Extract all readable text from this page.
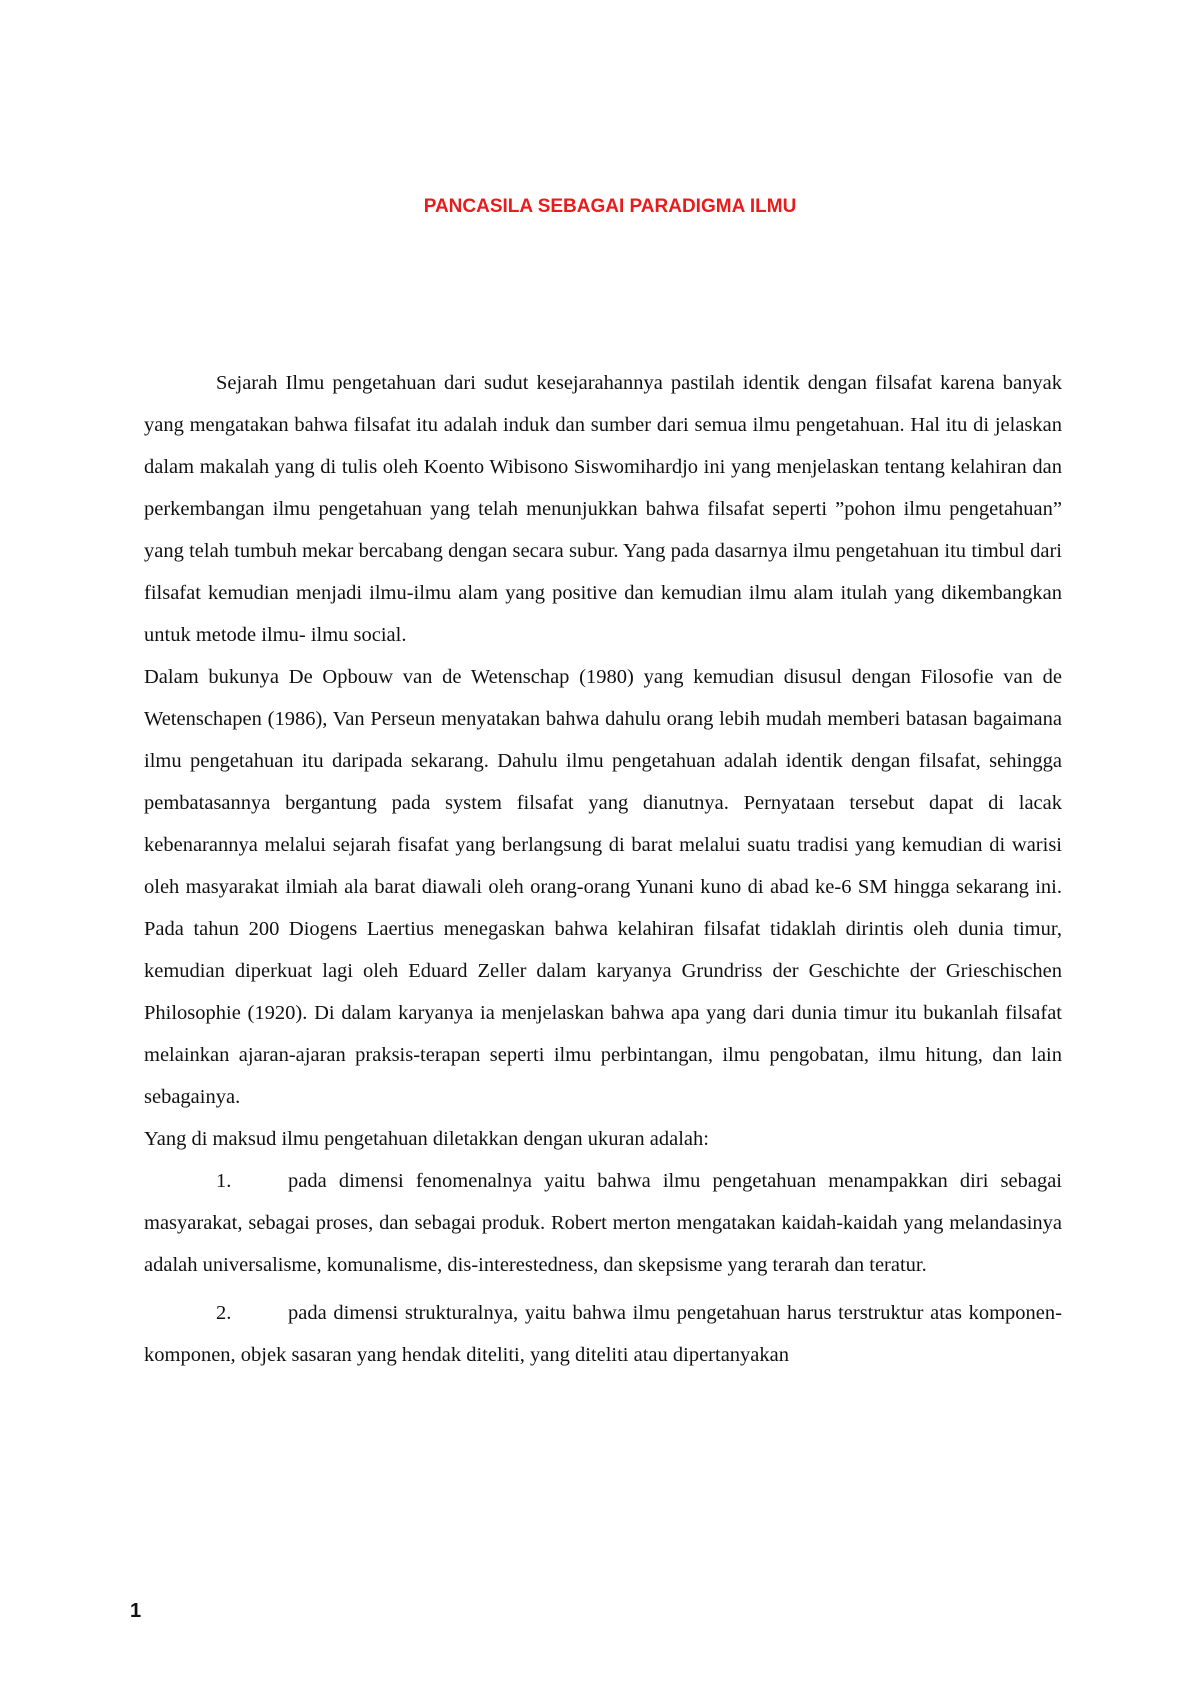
PANCASILA SEBAGAI PARADIGMA ILMU

Sejarah Ilmu pengetahuan dari sudut kesejarahannya pastilah identik dengan filsafat karena banyak yang mengatakan bahwa filsafat itu adalah induk dan sumber dari semua ilmu pengetahuan. Hal itu di jelaskan dalam makalah yang di tulis oleh Koento Wibisono Siswomihardjo ini yang menjelaskan tentang kelahiran dan perkembangan ilmu pengetahuan yang telah menunjukkan bahwa filsafat seperti ”pohon ilmu pengetahuan” yang telah tumbuh mekar bercabang dengan secara subur. Yang pada dasarnya ilmu pengetahuan itu timbul dari filsafat kemudian menjadi ilmu-ilmu alam yang positive dan kemudian ilmu alam itulah yang dikembangkan untuk metode ilmu- ilmu social.

Dalam bukunya De Opbouw van de Wetenschap (1980) yang kemudian disusul dengan Filosofie van de Wetenschapen (1986), Van Perseun menyatakan bahwa dahulu orang lebih mudah memberi batasan bagaimana ilmu pengetahuan itu daripada sekarang. Dahulu ilmu pengetahuan adalah identik dengan filsafat, sehingga pembatasannya bergantung pada system filsafat yang dianutnya. Pernyataan tersebut dapat di lacak kebenarannya melalui sejarah fisafat yang berlangsung di barat melalui suatu tradisi yang kemudian di warisi oleh masyarakat ilmiah ala barat diawali oleh orang-orang Yunani kuno di abad ke-6 SM hingga sekarang ini. Pada tahun 200 Diogens Laertius menegaskan bahwa kelahiran filsafat tidaklah dirintis oleh dunia timur, kemudian diperkuat lagi oleh Eduard Zeller dalam karyanya Grundriss der Geschichte der Grieschischen Philosophie (1920). Di dalam karyanya ia menjelaskan bahwa apa yang dari dunia timur itu bukanlah filsafat melainkan ajaran-ajaran praksis-terapan seperti ilmu perbintangan, ilmu pengobatan, ilmu hitung, dan lain sebagainya.

Yang di maksud ilmu pengetahuan diletakkan dengan ukuran adalah:

1.	pada dimensi fenomenalnya yaitu bahwa ilmu pengetahuan menampakkan diri sebagai masyarakat, sebagai proses, dan sebagai produk. Robert merton mengatakan kaidah-kaidah yang melandasinya adalah universalisme, komunalisme, dis-interestedness, dan skepsisme yang terarah dan teratur.

2.	pada dimensi strukturalnya, yaitu bahwa ilmu pengetahuan harus terstruktur atas komponen-komponen, objek sasaran yang hendak diteliti, yang diteliti atau dipertanyakan

1
